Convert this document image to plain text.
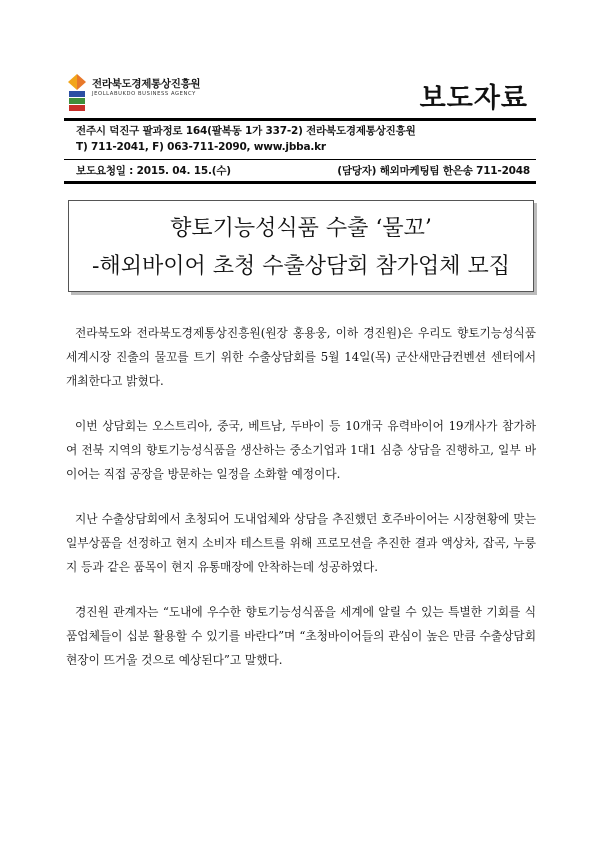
전라북도경제통상진흥원
JEOLLABUKDO BUSINESS AGENCY	보도자료
전주시 덕진구 팔과정로 164(팔복동 1가 337-2) 전라북도경제통상진흥원
T) 711-2041, F) 063-711-2090, www.jbba.kr
보도요청일 : 2015. 04. 15.(수)	(담당자) 해외마케팅팀 한은송 711-2048
향토기능성식품 수출 ‘물꼬’
-해외바이어 초청 수출상담회 참가업체 모집

전라북도와 전라북도경제통상진흥원(원장 홍용웅, 이하 경진원)은 우리도 향토기능성식품 세계시장 진출의 물꼬를 트기 위한 수출상담회를 5월 14일(목) 군산새만금컨벤션 센터에서 개최한다고 밝혔다.

이번 상담회는 오스트리아, 중국, 베트남, 두바이 등 10개국 유력바이어 19개사가 참가하여 전북 지역의 향토기능성식품을 생산하는 중소기업과 1대1 심층 상담을 진행하고, 일부 바이어는 직접 공장을 방문하는 일정을 소화할 예정이다.

지난 수출상담회에서 초청되어 도내업체와 상담을 추진했던 호주바이어는 시장현황에 맞는 일부상품을 선정하고 현지 소비자 테스트를 위해 프로모션을 추진한 결과 액상차, 잡곡, 누룽지 등과 같은 품목이 현지 유통매장에 안착하는데 성공하였다.

경진원 관계자는 “도내에 우수한 향토기능성식품을 세계에 알릴 수 있는 특별한 기회를 식품업체들이 십분 활용할 수 있기를 바란다”며 “초청바이어들의 관심이 높은 만큼 수출상담회 현장이 뜨거울 것으로 예상된다”고 말했다.
